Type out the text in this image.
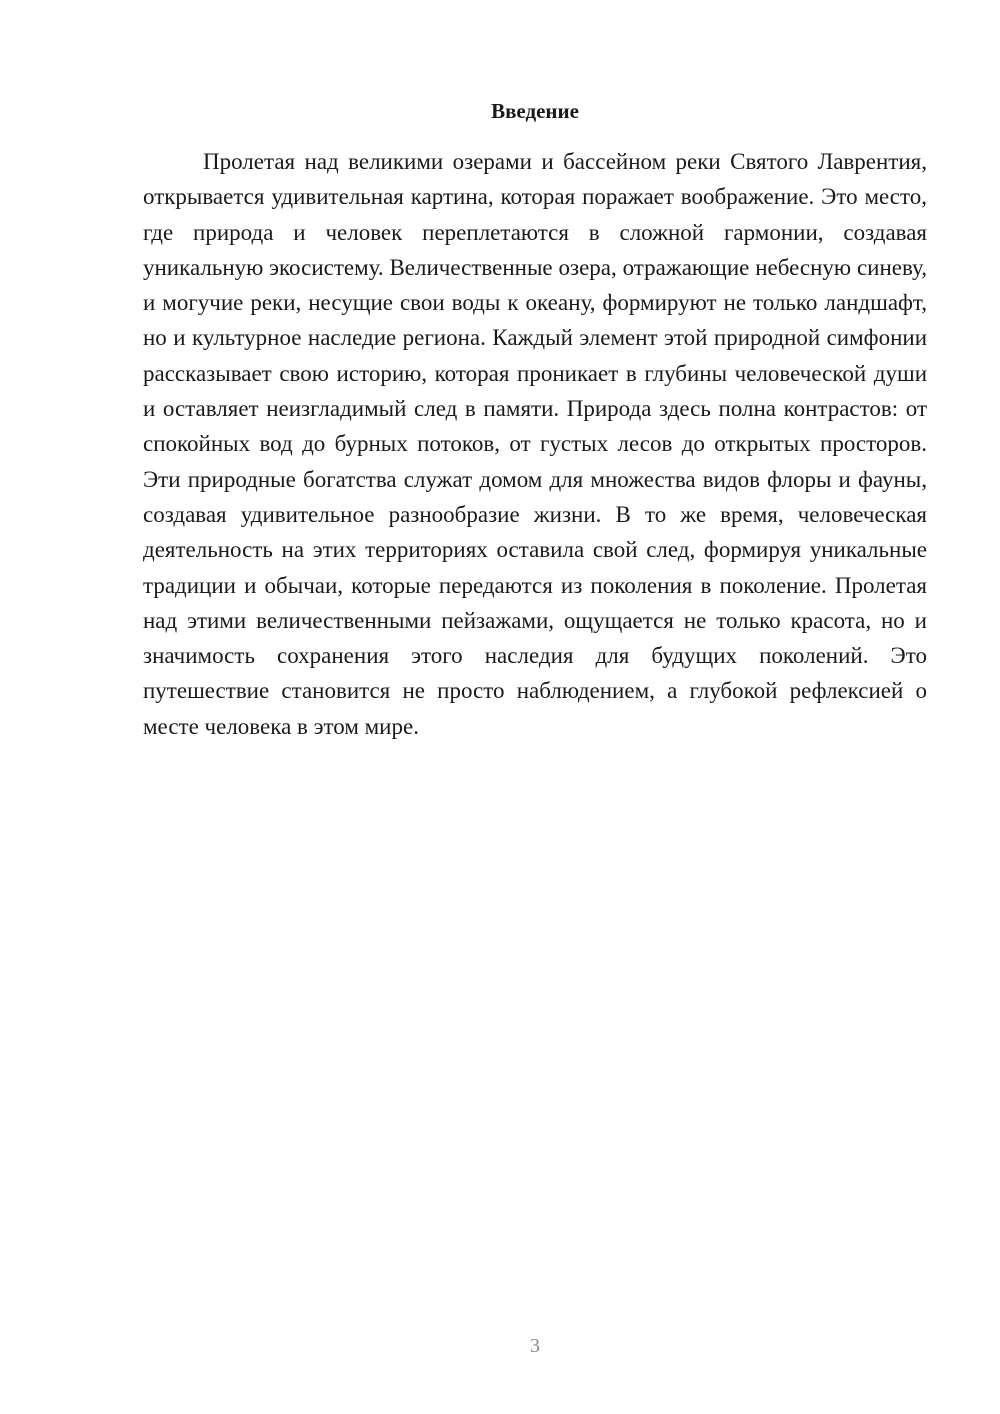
Введение

Пролетая над великими озерами и бассейном реки Святого Лаврентия, открывается удивительная картина, которая поражает воображение. Это место, где природа и человек переплетаются в сложной гармонии, создавая уникальную экосистему. Величественные озера, отражающие небесную синеву, и могучие реки, несущие свои воды к океану, формируют не только ландшафт, но и культурное наследие региона. Каждый элемент этой природной симфонии рассказывает свою историю, которая проникает в глубины человеческой души и оставляет неизгладимый след в памяти. Природа здесь полна контрастов: от спокойных вод до бурных потоков, от густых лесов до открытых просторов. Эти природные богатства служат домом для множества видов флоры и фауны, создавая удивительное разнообразие жизни. В то же время, человеческая деятельность на этих территориях оставила свой след, формируя уникальные традиции и обычаи, которые передаются из поколения в поколение. Пролетая над этими величественными пейзажами, ощущается не только красота, но и значимость сохранения этого наследия для будущих поколений. Это путешествие становится не просто наблюдением, а глубокой рефлексией о месте человека в этом мире.

3
